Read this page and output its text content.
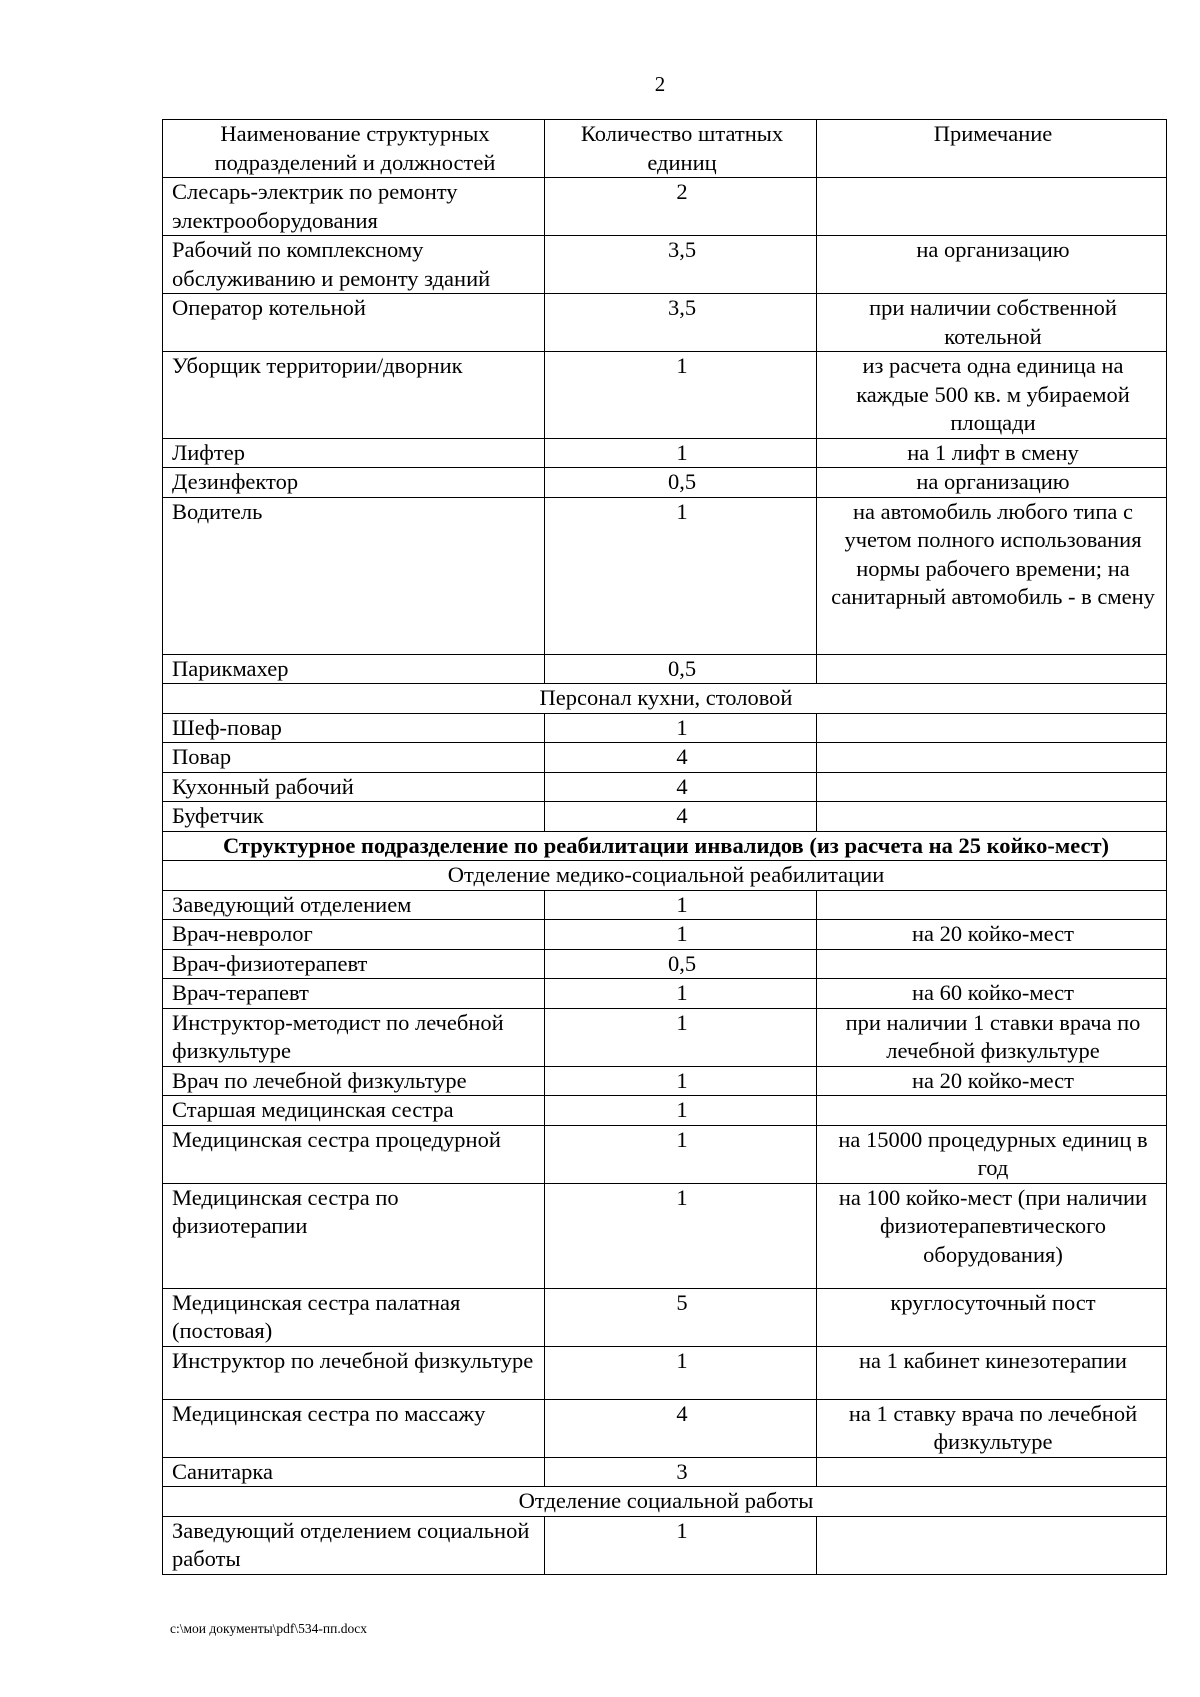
2
Наименование структурных подразделений и должностей	Количество штатных единиц	Примечание
Слесарь-электрик по ремонту электрооборудования	2	
Рабочий по комплексному обслуживанию и ремонту зданий	3,5	на организацию
Оператор котельной	3,5	при наличии собственной котельной
Уборщик территории/дворник	1	из расчета одна единица на каждые 500 кв. м убираемой площади
Лифтер	1	на 1 лифт в смену
Дезинфектор	0,5	на организацию
Водитель	1	на автомобиль любого типа с учетом полного использования нормы рабочего времени; на санитарный автомобиль - в смену
Парикмахер	0,5	
Персонал кухни, столовой		
Шеф-повар	1	
Повар	4	
Кухонный рабочий	4	
Буфетчик	4	
Структурное подразделение по реабилитации инвалидов (из расчета на 25 койко-мест)		
Отделение медико-социальной реабилитации		
Заведующий отделением	1	
Врач-невролог	1	на 20 койко-мест
Врач-физиотерапевт	0,5	
Врач-терапевт	1	на 60 койко-мест
Инструктор-методист по лечебной физкультуре	1	при наличии 1 ставки врача по лечебной физкультуре
Врач по лечебной физкультуре	1	на 20 койко-мест
Старшая медицинская сестра	1	
Медицинская сестра процедурной	1	на 15000 процедурных единиц в год
Медицинская сестра по физиотерапии	1	на 100 койко-мест (при наличии физиотерапевтического оборудования)
Медицинская сестра палатная (постовая)	5	круглосуточный пост
Инструктор по лечебной физкультуре	1	на 1 кабинет кинезотерапии
Медицинская сестра по массажу	4	на 1 ставку врача по лечебной физкультуре
Санитарка	3	
Отделение социальной работы		
Заведующий отделением социальной работы	1	
c:\мои документы\pdf\534-пп.docx
